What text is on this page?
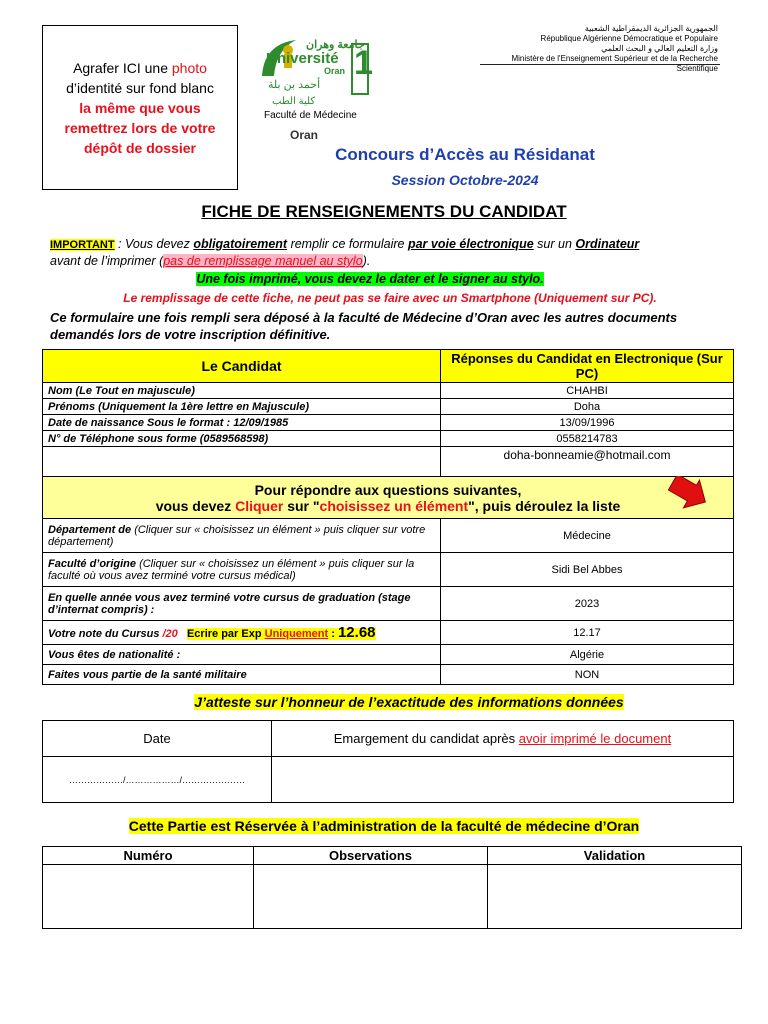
Agrafer ICI une photo
d’identité sur fond blanc
la même que vous
remettrez lors de votre
dépôt de dossier
جامعة وهران
Université
Oran 1
أحمد بن بلة
كلية الطب
Faculté de Médecine
Oran
الجمهورية الجزائرية الديمقراطية الشعبية
République Algérienne Démocratique et Populaire
وزارة التعليم العالي و البحث العلمي
Ministère de l'Enseignement Supérieur et de la Recherche Scientifique
Concours d’Accès au Résidanat
Session Octobre-2024
FICHE DE RENSEIGNEMENTS DU CANDIDAT
IMPORTANT : Vous devez obligatoirement remplir ce formulaire par voie électronique sur un Ordinateur
avant de l’imprimer (pas de remplissage manuel au stylo).
Une fois imprimé, vous devez le dater et le signer au stylo.
Le remplissage de cette fiche, ne peut pas se faire avec un Smartphone (Uniquement sur PC).
Ce formulaire une fois rempli sera déposé à la faculté de Médecine d’Oran avec les autres documents
demandés lors de votre inscription définitive.
Le Candidat	Réponses du Candidat en Electronique (Sur PC)
Nom (Le Tout en majuscule)	CHAHBI
Prénoms (Uniquement la 1ère lettre en Majuscule)	Doha
Date de naissance Sous le format : 12/09/1985	13/09/1996
N° de Téléphone sous forme (0589568598)	0558214783
	doha-bonneamie@hotmail.com

Pour répondre aux questions suivantes,
vous devez Cliquer sur "choisissez un élément", puis déroulez la liste	

Département de (Cliquer sur « choisissez un élément » puis cliquer sur votre département)	Médecine
Faculté d’origine (Cliquer sur « choisissez un élément » puis cliquer sur la faculté où vous avez terminé votre cursus médical)	Sidi Bel Abbes
En quelle année vous avez terminé votre cursus de graduation (stage d’internat compris) :	2023
Votre note du Cursus /20 Ecrire par Exp Uniquement : 12.68	12.17
Vous êtes de nationalité :	Algérie
Faites vous partie de la santé militaire	NON
J’atteste sur l’honneur de l’exactitude des informations données
Date	Emargement du candidat après avoir imprimé le document
………………/………………/…………………	
Cette Partie est Réservée à l’administration de la faculté de médecine d’Oran
Numéro	Observations	Validation
